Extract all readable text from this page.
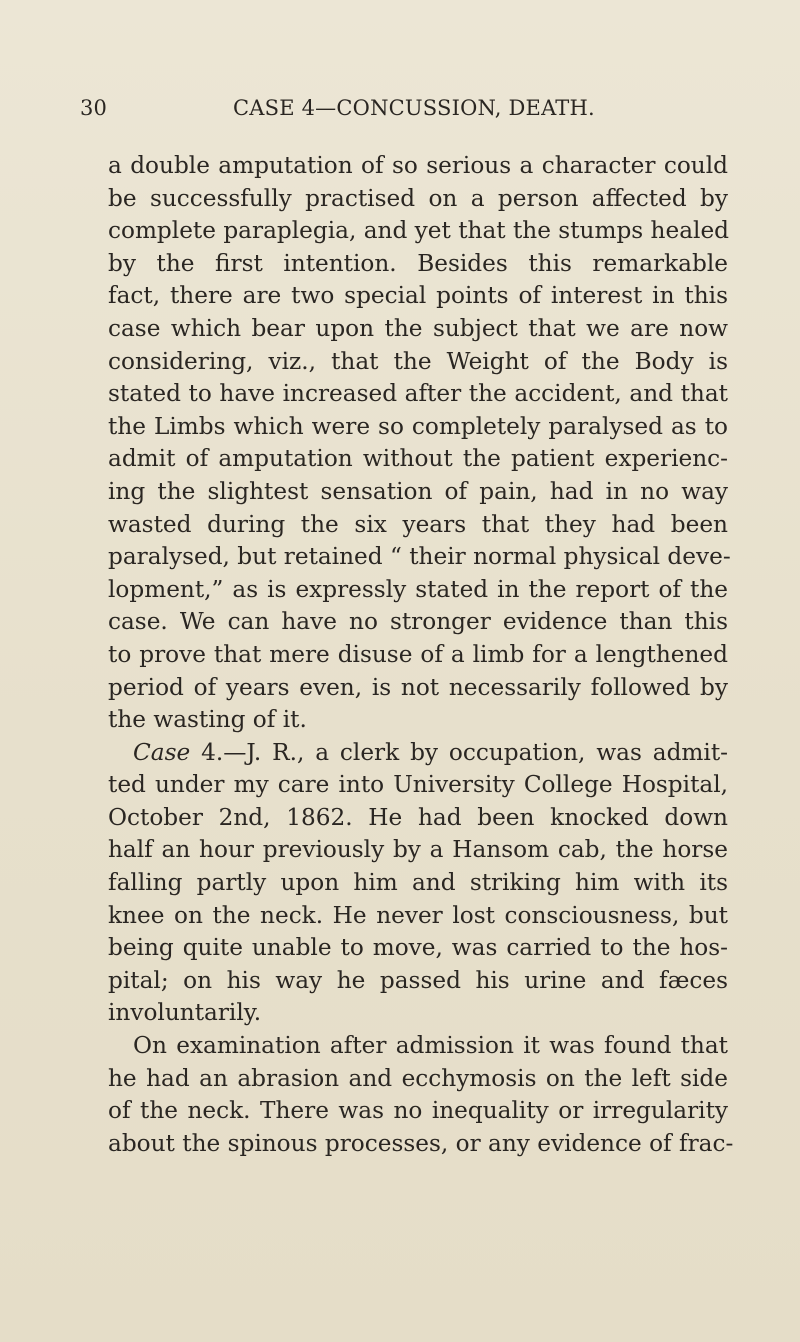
30	CASE 4—CONCUSSION, DEATH.
a double amputation of so serious a character could
be successfully practised on a person affected by
complete paraplegia, and yet that the stumps healed
by the first intention. Besides this remarkable
fact, there are two special points of interest in this
case which bear upon the subject that we are now
considering, viz., that the Weight of the Body is
stated to have increased after the accident, and that
the Limbs which were so completely paralysed as to
admit of amputation without the patient experienc-
ing the slightest sensation of pain, had in no way
wasted during the six years that they had been
paralysed, but retained “ their normal physical deve-
lopment,” as is expressly stated in the report of the
case. We can have no stronger evidence than this
to prove that mere disuse of a limb for a lengthened
period of years even, is not necessarily followed by
the wasting of it.
Case 4.—J. R., a clerk by occupation, was admit-
ted under my care into University College Hospital,
October 2nd, 1862. He had been knocked down
half an hour previously by a Hansom cab, the horse
falling partly upon him and striking him with its
knee on the neck. He never lost consciousness, but
being quite unable to move, was carried to the hos-
pital; on his way he passed his urine and fæces
involuntarily.
On examination after admission it was found that
he had an abrasion and ecchymosis on the left side
of the neck. There was no inequality or irregularity
about the spinous processes, or any evidence of frac-
